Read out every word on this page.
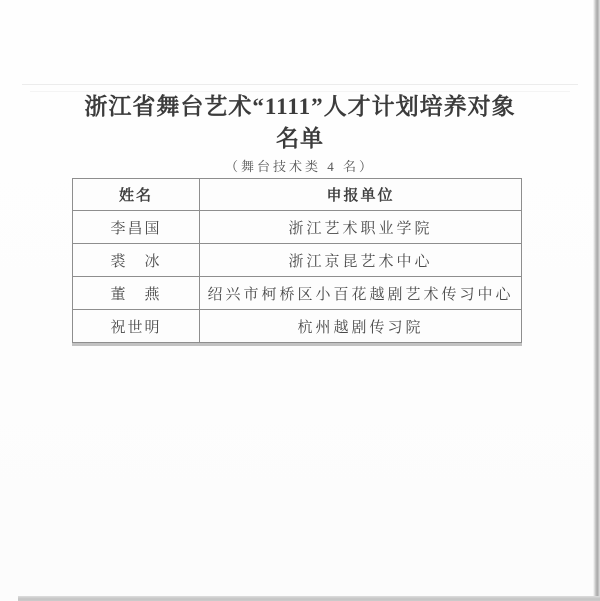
浙江省舞台艺术“1111”人才计划培养对象
名单
（舞台技术类 4 名）
姓名	申报单位
李昌国	浙江艺术职业学院
裘　冰	浙江京昆艺术中心
董　燕	绍兴市柯桥区小百花越剧艺术传习中心
祝世明	杭州越剧传习院
